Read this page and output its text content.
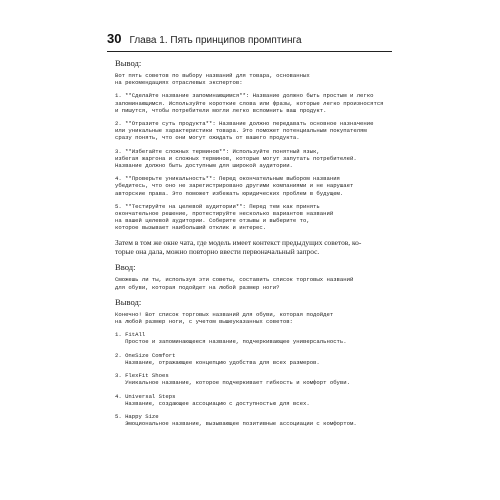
30 Глава 1. Пять принципов промптинга

Вывод:

Вот пять советов по выбору названий для товара, основанных

на рекомендациях отраслевых экспертов:

1. **Сделайте название запоминающимся**: Название должно быть простым и легко

запоминающимся. Используйте короткие слова или фразы, которые легко произносятся

и пишутся, чтобы потребители могли легко вспомнить ваш продукт.

2. **Отразите суть продукта**: Название должно передавать основное назначение

или уникальные характеристики товара. Это поможет потенциальным покупателям

сразу понять, что они могут ожидать от вашего продукта.

3. **Избегайте сложных терминов**: Используйте понятный язык,

избегая жаргона и сложных терминов, которые могут запутать потребителей.

Название должно быть доступным для широкой аудитории.

4. **Проверьте уникальность**: Перед окончательным выбором названия

убедитесь, что оно не зарегистрировано другими компаниями и не нарушает

авторские права. Это поможет избежать юридических проблем в будущем.

5. **Тестируйте на целевой аудитории**: Перед тем как принять

окончательное решение, протестируйте несколько вариантов названий

на вашей целевой аудитории. Соберите отзывы и выберите то,

которое вызывает наибольший отклик и интерес.

Затем в том же окне чата, где модель имеет контекст предыдущих советов, ко-

торые она дала, можно повторно ввести первоначальный запрос.

Ввод:

Сможешь ли ты, используя эти советы, составить список торговых названий

для обуви, которая подойдет на любой размер ноги?

Вывод:

Конечно! Вот список торговых названий для обуви, которая подойдет

на любой размер ноги, с учетом вышеуказанных советов:

1. FitAll

Простое и запоминающееся название, подчеркивающее универсальность.

2. OneSize Comfort

Название, отражающее концепцию удобства для всех размеров.

3. FlexFit Shoes

Уникальное название, которое подчеркивает гибкость и комфорт обуви.

4. Universal Steps

Название, создающее ассоциацию с доступностью для всех.

5. Happy Size

Эмоциональное название, вызывающее позитивные ассоциации с комфортом.
